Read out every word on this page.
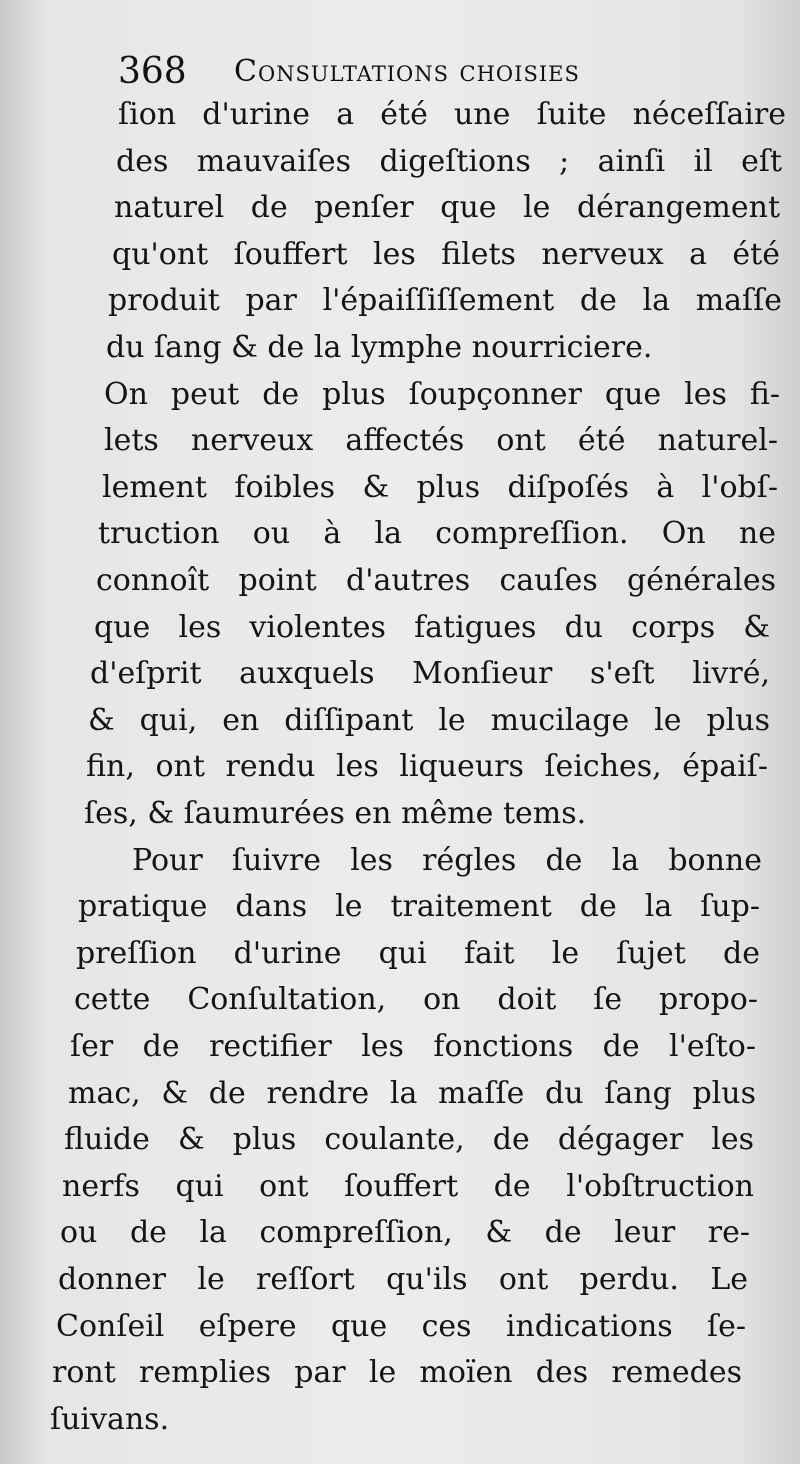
368 Consultations choisies
ſion d'urine a été une ſuite néceſſaire
des mauvaiſes digeſtions ; ainſi il eſt
naturel de penſer que le dérangement
qu'ont ſouffert les filets nerveux a été
produit par l'épaiſſiſſement de la maſſe
du ſang & de la lymphe nourriciere.
On peut de plus ſoupçonner que les fi-
lets nerveux affectés ont été naturel-
lement foibles & plus diſpoſés à l'obſ-
truction ou à la compreſſion. On ne
connoît point d'autres cauſes générales
que les violentes fatigues du corps &
d'eſprit auxquels Monſieur s'eſt livré,
& qui, en diſſipant le mucilage le plus
fin, ont rendu les liqueurs ſeiches, épaiſ-
ſes, & ſaumurées en même tems.
Pour ſuivre les régles de la bonne
pratique dans le traitement de la ſup-
preſſion d'urine qui fait le ſujet de
cette Conſultation, on doit ſe propo-
ſer de rectifier les fonctions de l'eſto-
mac, & de rendre la maſſe du ſang plus
fluide & plus coulante, de dégager les
nerfs qui ont ſouffert de l'obſtruction
ou de la compreſſion, & de leur re-
donner le reſſort qu'ils ont perdu. Le
Conſeil eſpere que ces indications ſe-
ront remplies par le moïen des remedes
ſuivans.
